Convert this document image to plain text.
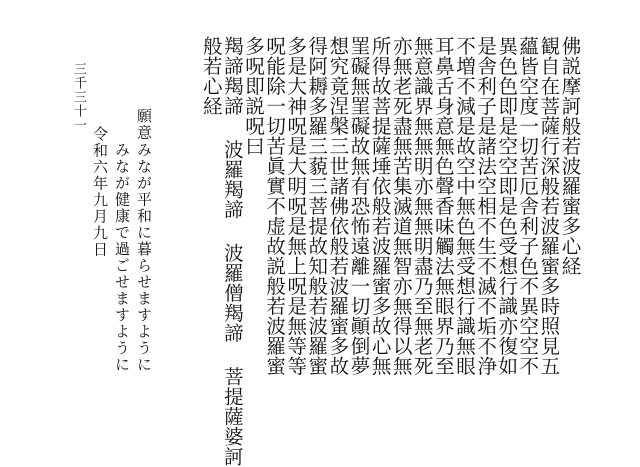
佛説摩訶般若波羅蜜多心経
観自在菩薩行深般若波羅蜜多時照見五
蘊皆空度一切苦厄舎利子色不異空空不
異色色即是空空即是色受想行識亦復如
是舎利子是諸法空相不生不滅不垢不浄
不増不減是故空中無色無受想行識無眼
耳鼻舌身意無色聲香味觸法無眼界乃至
無意識界無無明亦無無明盡乃至無老死
亦無老死盡無苦集滅道無智亦無得以無
所得故菩提薩埵依般若波羅蜜多故心無
罣礙無罣礙故無有恐怖遠離一切顚倒夢
想究竟涅槃三世諸佛依般若波羅蜜多故
得阿耨多羅三藐三菩提故知般若波羅蜜
多是大神呪是大明呪是無上呪是無等等
呪能除一切苦眞實不虚故説般若波羅蜜
多呪即説呪曰
羯諦羯諦 波羅羯諦 波羅僧羯諦 菩提薩婆訶
般若心経
願意
みなが平和に暮らせますように
みなが健康で過ごせますように
令和六年九月九日
三千三十一
